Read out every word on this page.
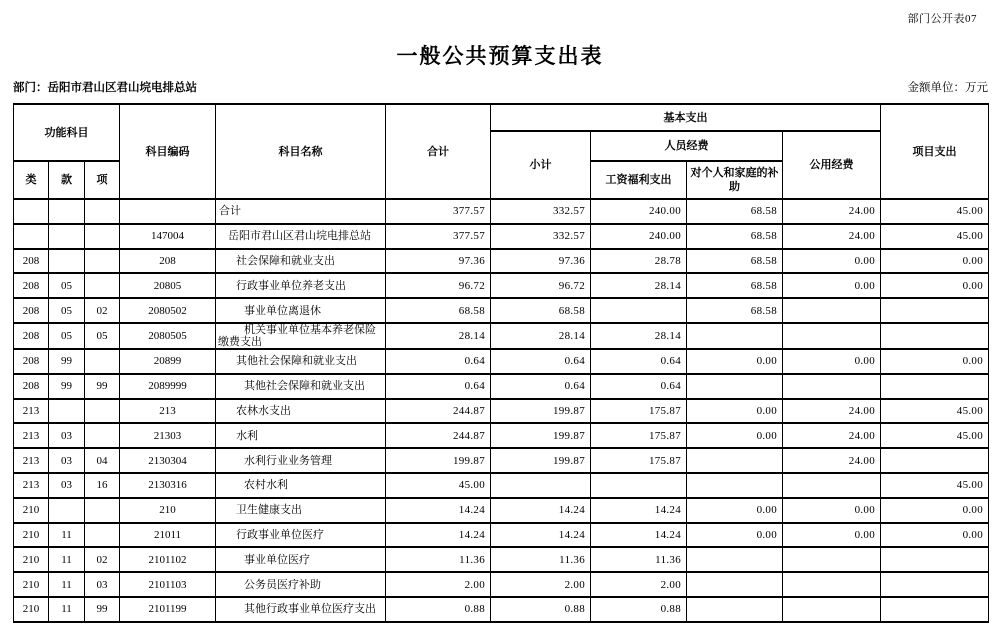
部门公开表07
一般公共预算支出表
部门：岳阳市君山区君山垸电排总站	金额单位：万元
功能科目			科目编码	科目名称	合计	基本支出				项目支出
						小计	人员经费		公用经费	
类	款	项					工资福利支出	对个人和家庭的补助		
				合计	377.57	332.57	240.00	68.58	24.00	45.00
			147004	岳阳市君山区君山垸电排总站	377.57	332.57	240.00	68.58	24.00	45.00
208			208	社会保障和就业支出	97.36	97.36	28.78	68.58	0.00	0.00
208	05		20805	行政事业单位养老支出	96.72	96.72	28.14	68.58	0.00	0.00
208	05	02	2080502	事业单位离退休	68.58	68.58		68.58		
208	05	05	2080505	机关事业单位基本养老保险缴费支出	28.14	28.14	28.14			
208	99		20899	其他社会保障和就业支出	0.64	0.64	0.64	0.00	0.00	0.00
208	99	99	2089999	其他社会保障和就业支出	0.64	0.64	0.64			
213			213	农林水支出	244.87	199.87	175.87	0.00	24.00	45.00
213	03		21303	水利	244.87	199.87	175.87	0.00	24.00	45.00
213	03	04	2130304	水利行业业务管理	199.87	199.87	175.87		24.00	
213	03	16	2130316	农村水利	45.00					45.00
210			210	卫生健康支出	14.24	14.24	14.24	0.00	0.00	0.00
210	11		21011	行政事业单位医疗	14.24	14.24	14.24	0.00	0.00	0.00
210	11	02	2101102	事业单位医疗	11.36	11.36	11.36			
210	11	03	2101103	公务员医疗补助	2.00	2.00	2.00			
210	11	99	2101199	其他行政事业单位医疗支出	0.88	0.88	0.88			
